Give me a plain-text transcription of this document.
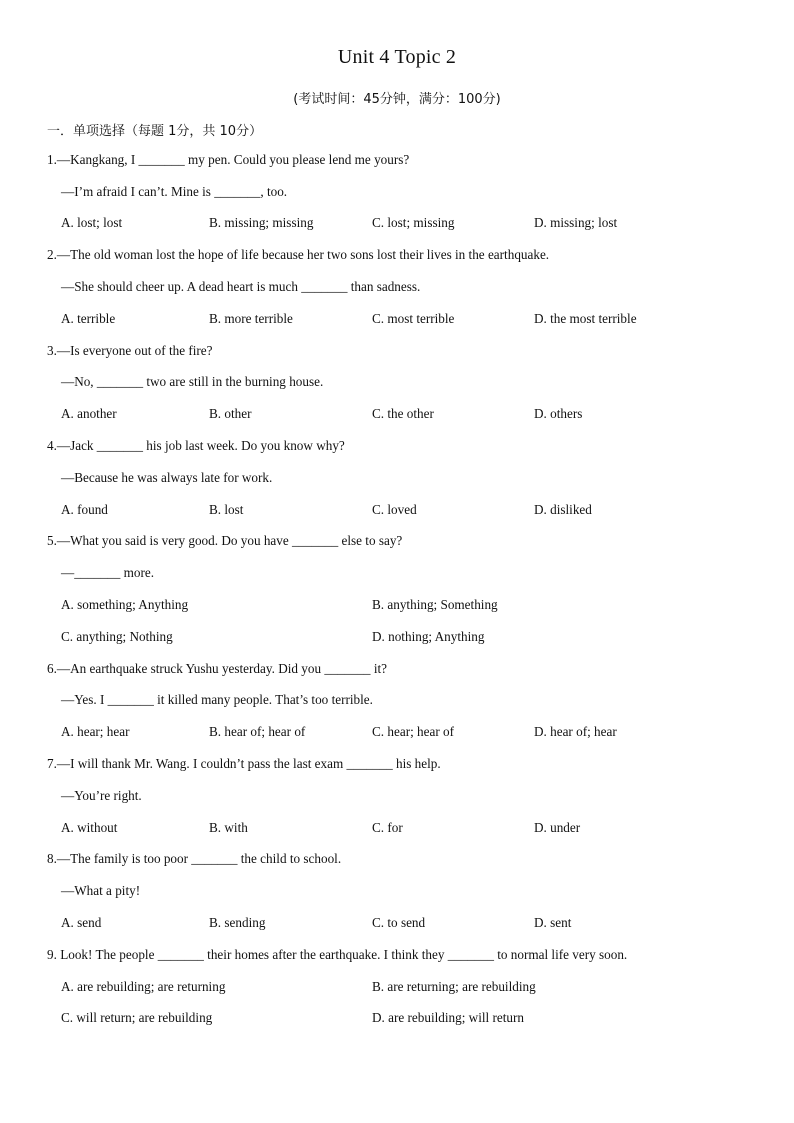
Unit 4 Topic 2
(考试时间：45分钟，满分：100分)
一．单项选择（每题 1分，共 10分）
1.—Kangkang, I _______ my pen. Could you please lend me yours?
—I’m afraid I can’t. Mine is _______, too.
A. lost; lost	B. missing; missing	C. lost; missing	D. missing; lost
2.—The old woman lost the hope of life because her two sons lost their lives in the earthquake.
—She should cheer up. A dead heart is much _______ than sadness.
A. terrible	B. more terrible	C. most terrible	D. the most terrible
3.—Is everyone out of the fire?
—No, _______ two are still in the burning house.
A. another	B. other	C. the other	D. others
4.—Jack _______ his job last week. Do you know why?
—Because he was always late for work.
A. found	B. lost	C. loved	D. disliked
5.—What you said is very good. Do you have _______ else to say?
—_______ more.
A. something; Anything	B. anything; Something
C. anything; Nothing	D. nothing; Anything
6.—An earthquake struck Yushu yesterday. Did you _______ it?
—Yes. I _______ it killed many people. That’s too terrible.
A. hear; hear	B. hear of; hear of	C. hear; hear of	D. hear of; hear
7.—I will thank Mr. Wang. I couldn’t pass the last exam _______ his help.
—You’re right.
A. without	B. with	C. for	D. under
8.—The family is too poor _______ the child to school.
—What a pity!
A. send	B. sending	C. to send	D. sent
9. Look! The people _______ their homes after the earthquake. I think they _______ to normal life very soon.
A. are rebuilding; are returning	B. are returning; are rebuilding
C. will return; are rebuilding	D. are rebuilding; will return
